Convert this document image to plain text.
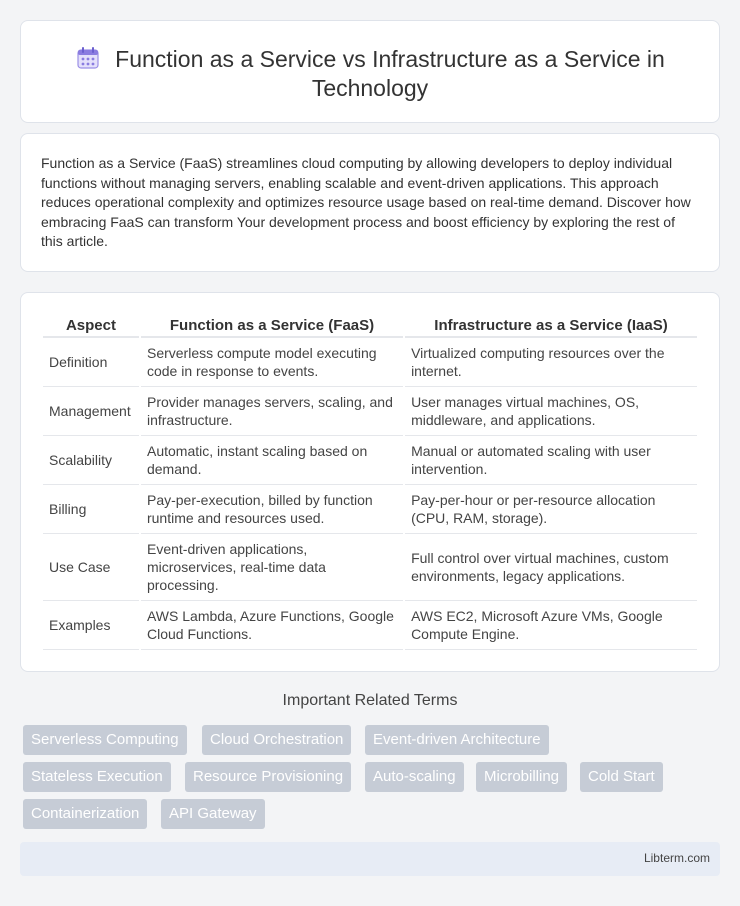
Function as a Service vs Infrastructure as a Service in Technology

Function as a Service (FaaS) streamlines cloud computing by allowing developers to deploy individual functions without managing servers, enabling scalable and event-driven applications. This approach reduces operational complexity and optimizes resource usage based on real-time demand. Discover how embracing FaaS can transform Your development process and boost efficiency by exploring the rest of this article.

Aspect	Function as a Service (FaaS)	Infrastructure as a Service (IaaS)
Definition	Serverless compute model executing code in response to events.	Virtualized computing resources over the internet.
Management	Provider manages servers, scaling, and infrastructure.	User manages virtual machines, OS, middleware, and applications.
Scalability	Automatic, instant scaling based on demand.	Manual or automated scaling with user intervention.
Billing	Pay-per-execution, billed by function runtime and resources used.	Pay-per-hour or per-resource allocation (CPU, RAM, storage).
Use Case	Event-driven applications, microservices, real-time data processing.	Full control over virtual machines, custom environments, legacy applications.
Examples	AWS Lambda, Azure Functions, Google Cloud Functions.	AWS EC2, Microsoft Azure VMs, Google Compute Engine.
Important Related Terms
Serverless Computing	Cloud Orchestration	Event-driven Architecture
Stateless Execution	Resource Provisioning	Auto-scaling	Microbilling	Cold Start
Containerization	API Gateway
Libterm.com
